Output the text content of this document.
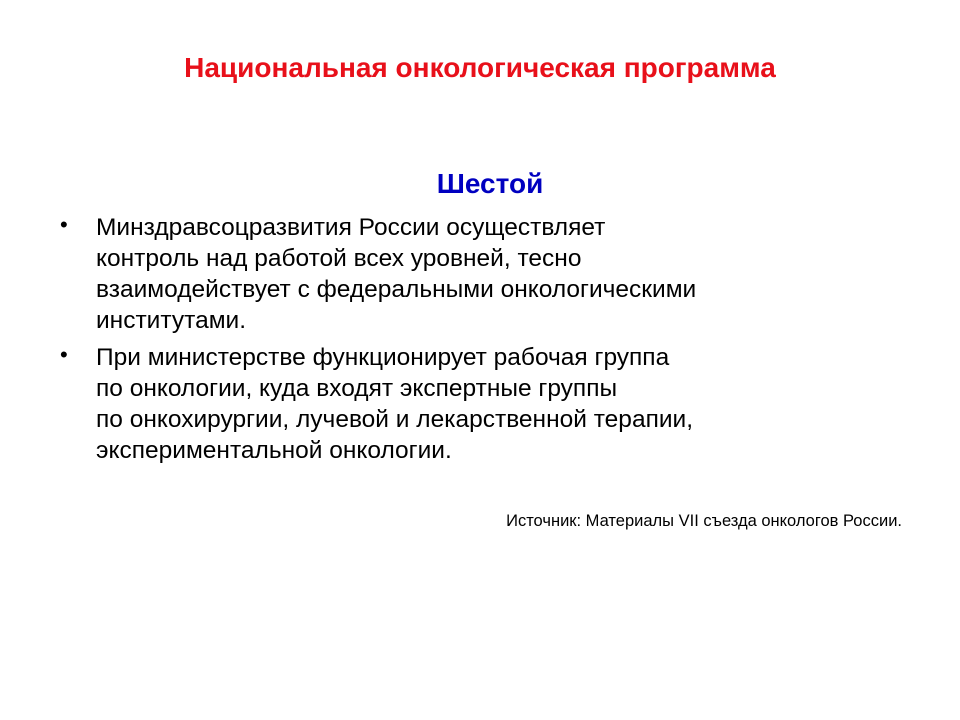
Национальная онкологическая программа
Шестой
• Минздравсоцразвития России осуществляет
контроль над работой всех уровней, тесно
взаимодействует с федеральными онкологическими
институтами.
• При министерстве функционирует рабочая группа
по онкологии, куда входят экспертные группы
по онкохирургии, лучевой и лекарственной терапии,
экспериментальной онкологии.
Источник: Материалы VII съезда онкологов России.
